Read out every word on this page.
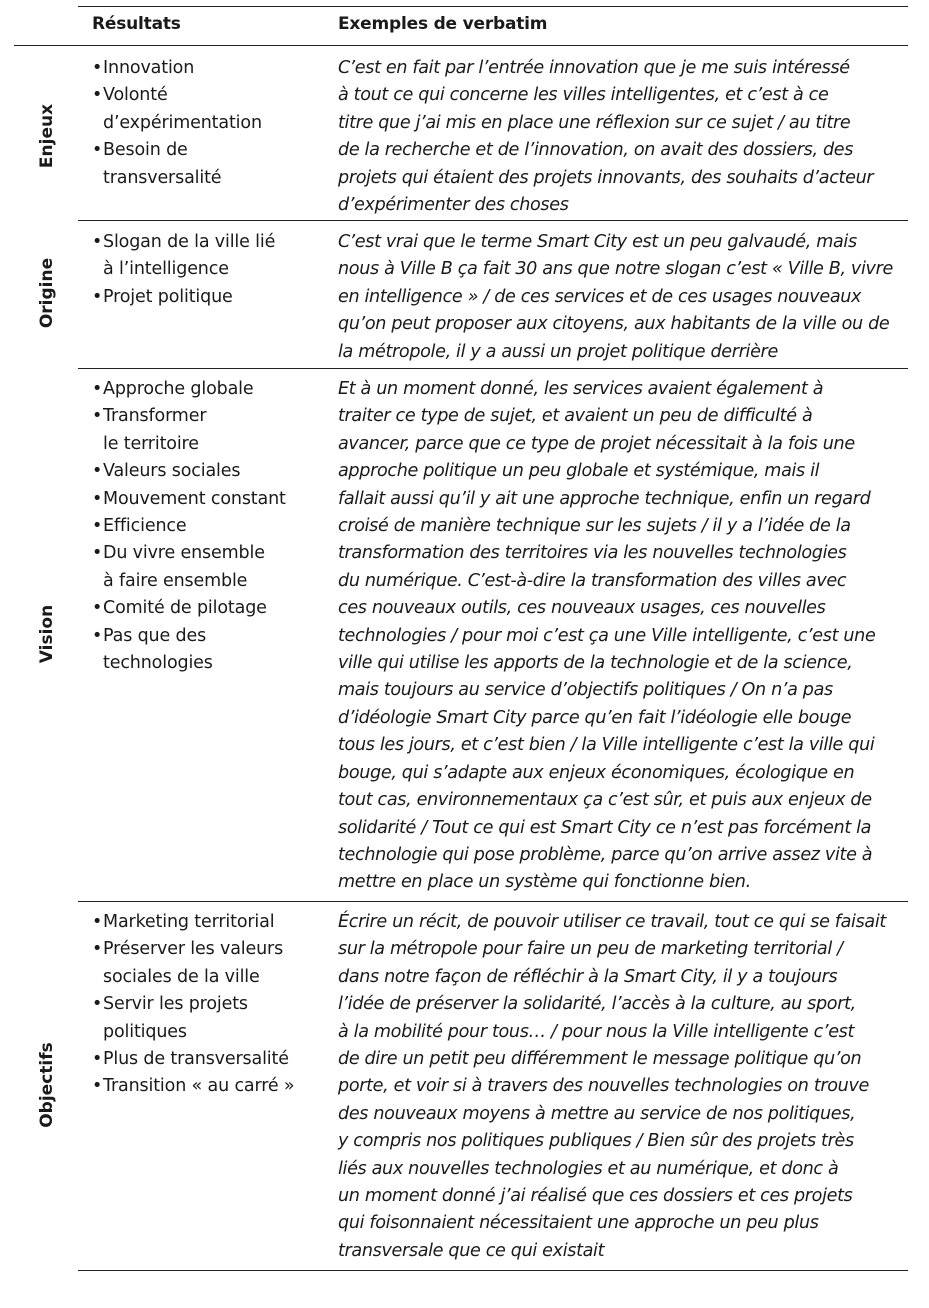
Résultats	Exemples de verbatim
Enjeux
• Innovation
• Volonté
d’expérimentation
• Besoin de
transversalité

C’est en fait par l’entrée innovation que je me suis intéressé
à tout ce qui concerne les villes intelligentes, et c’est à ce
titre que j’ai mis en place une réflexion sur ce sujet / au titre
de la recherche et de l’innovation, on avait des dossiers, des
projets qui étaient des projets innovants, des souhaits d’acteur
d’expérimenter des choses

Origine
• Slogan de la ville lié
à l’intelligence
• Projet politique

C’est vrai que le terme Smart City est un peu galvaudé, mais
nous à Ville B ça fait 30 ans que notre slogan c’est « Ville B, vivre
en intelligence » / de ces services et de ces usages nouveaux
qu’on peut proposer aux citoyens, aux habitants de la ville ou de
la métropole, il y a aussi un projet politique derrière

Vision
• Approche globale
• Transformer
le territoire
• Valeurs sociales
• Mouvement constant
• Efficience
• Du vivre ensemble
à faire ensemble
• Comité de pilotage
• Pas que des
technologies

Et à un moment donné, les services avaient également à
traiter ce type de sujet, et avaient un peu de difficulté à
avancer, parce que ce type de projet nécessitait à la fois une
approche politique un peu globale et systémique, mais il
fallait aussi qu’il y ait une approche technique, enfin un regard
croisé de manière technique sur les sujets / il y a l’idée de la
transformation des territoires via les nouvelles technologies
du numérique. C’est-à-dire la transformation des villes avec
ces nouveaux outils, ces nouveaux usages, ces nouvelles
technologies / pour moi c’est ça une Ville intelligente, c’est une
ville qui utilise les apports de la technologie et de la science,
mais toujours au service d’objectifs politiques / On n’a pas
d’idéologie Smart City parce qu’en fait l’idéologie elle bouge
tous les jours, et c’est bien / la Ville intelligente c’est la ville qui
bouge, qui s’adapte aux enjeux économiques, écologique en
tout cas, environnementaux ça c’est sûr, et puis aux enjeux de
solidarité / Tout ce qui est Smart City ce n’est pas forcément la
technologie qui pose problème, parce qu’on arrive assez vite à
mettre en place un système qui fonctionne bien.

Objectifs
• Marketing territorial
• Préserver les valeurs
sociales de la ville
• Servir les projets
politiques
• Plus de transversalité
• Transition « au carré »

Écrire un récit, de pouvoir utiliser ce travail, tout ce qui se faisait
sur la métropole pour faire un peu de marketing territorial /
dans notre façon de réfléchir à la Smart City, il y a toujours
l’idée de préserver la solidarité, l’accès à la culture, au sport,
à la mobilité pour tous… / pour nous la Ville intelligente c’est
de dire un petit peu différemment le message politique qu’on
porte, et voir si à travers des nouvelles technologies on trouve
des nouveaux moyens à mettre au service de nos politiques,
y compris nos politiques publiques / Bien sûr des projets très
liés aux nouvelles technologies et au numérique, et donc à
un moment donné j’ai réalisé que ces dossiers et ces projets
qui foisonnaient nécessitaient une approche un peu plus
transversale que ce qui existait
